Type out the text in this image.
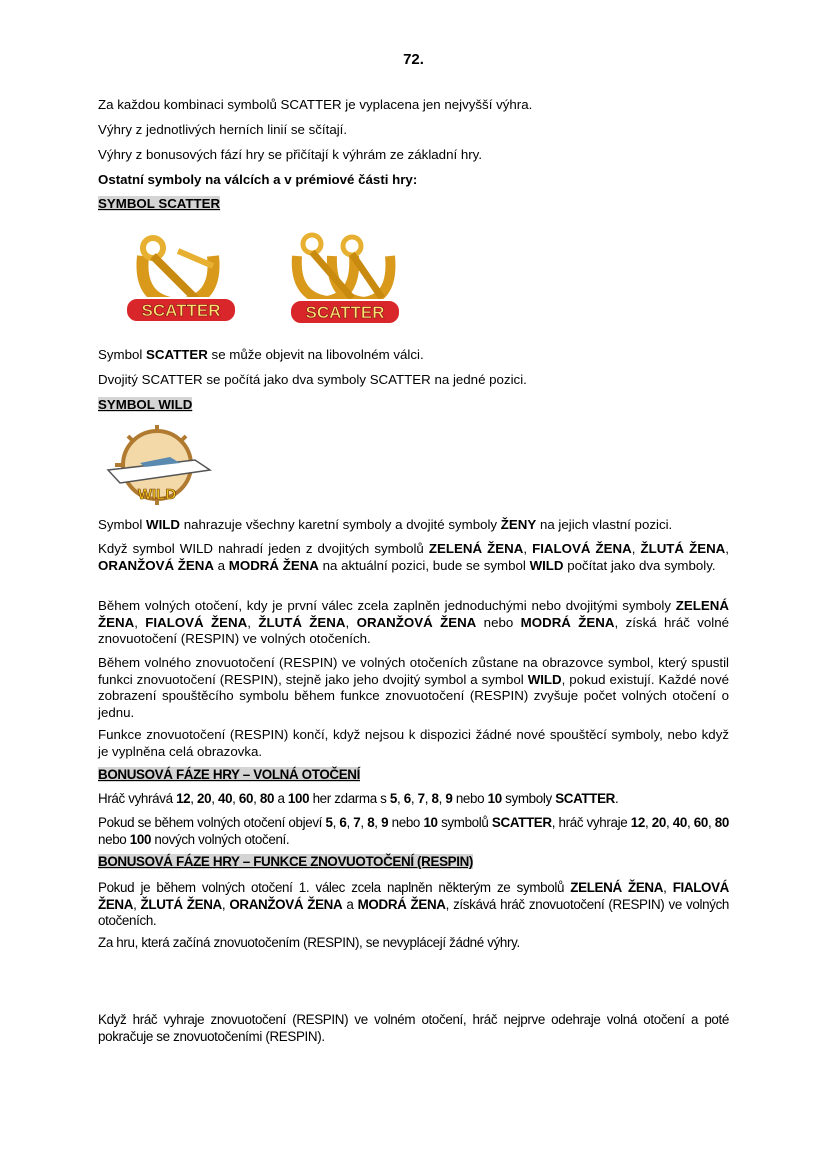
72.

Za každou kombinaci symbolů SCATTER je vyplacena jen nejvyšší výhra.

Výhry z jednotlivých herních linií se sčítají.

Výhry z bonusových fází hry se přičítají k výhrám ze základní hry.

Ostatní symboly na válcích a v prémiové části hry:

SYMBOL SCATTER

SCATTER	SCATTER

Symbol SCATTER se může objevit na libovolném válci.

Dvojitý SCATTER se počítá jako dva symboly SCATTER na jedné pozici.

SYMBOL WILD

WILD

Symbol WILD nahrazuje všechny karetní symboly a dvojité symboly ŽENY na jejich vlastní pozici.

Když symbol WILD nahradí jeden z dvojitých symbolů ZELENÁ ŽENA, FIALOVÁ ŽENA, ŽLUTÁ ŽENA, ORANŽOVÁ ŽENA a MODRÁ ŽENA na aktuální pozici, bude se symbol WILD počítat jako dva symboly.

Během volných otočení, kdy je první válec zcela zaplněn jednoduchými nebo dvojitými symboly ZELENÁ ŽENA, FIALOVÁ ŽENA, ŽLUTÁ ŽENA, ORANŽOVÁ ŽENA nebo MODRÁ ŽENA, získá hráč volné znovuotočení (RESPIN) ve volných otočeních.

Během volného znovuotočení (RESPIN) ve volných otočeních zůstane na obrazovce symbol, který spustil funkci znovuotočení (RESPIN), stejně jako jeho dvojitý symbol a symbol WILD, pokud existují. Každé nové zobrazení spouštěcího symbolu během funkce znovuotočení (RESPIN) zvyšuje počet volných otočení o jednu.

Funkce znovuotočení (RESPIN) končí, když nejsou k dispozici žádné nové spouštěcí symboly, nebo když je vyplněna celá obrazovka.

BONUSOVÁ FÁZE HRY – VOLNÁ OTOČENÍ

Hráč vyhrává 12, 20, 40, 60, 80 a 100 her zdarma s 5, 6, 7, 8, 9 nebo 10 symboly SCATTER.

Pokud se během volných otočení objeví 5, 6, 7, 8, 9 nebo 10 symbolů SCATTER, hráč vyhraje 12, 20, 40, 60, 80 nebo 100 nových volných otočení.

BONUSOVÁ FÁZE HRY – FUNKCE ZNOVUOTOČENÍ (RESPIN)

Pokud je během volných otočení 1. válec zcela naplněn některým ze symbolů ZELENÁ ŽENA, FIALOVÁ ŽENA, ŽLUTÁ ŽENA, ORANŽOVÁ ŽENA a MODRÁ ŽENA, získává hráč znovuotočení (RESPIN) ve volných otočeních.

Za hru, která začíná znovuotočením (RESPIN), se nevyplácejí žádné výhry.

Když hráč vyhraje znovuotočení (RESPIN) ve volném otočení, hráč nejprve odehraje volná otočení a poté pokračuje se znovuotočeními (RESPIN).
